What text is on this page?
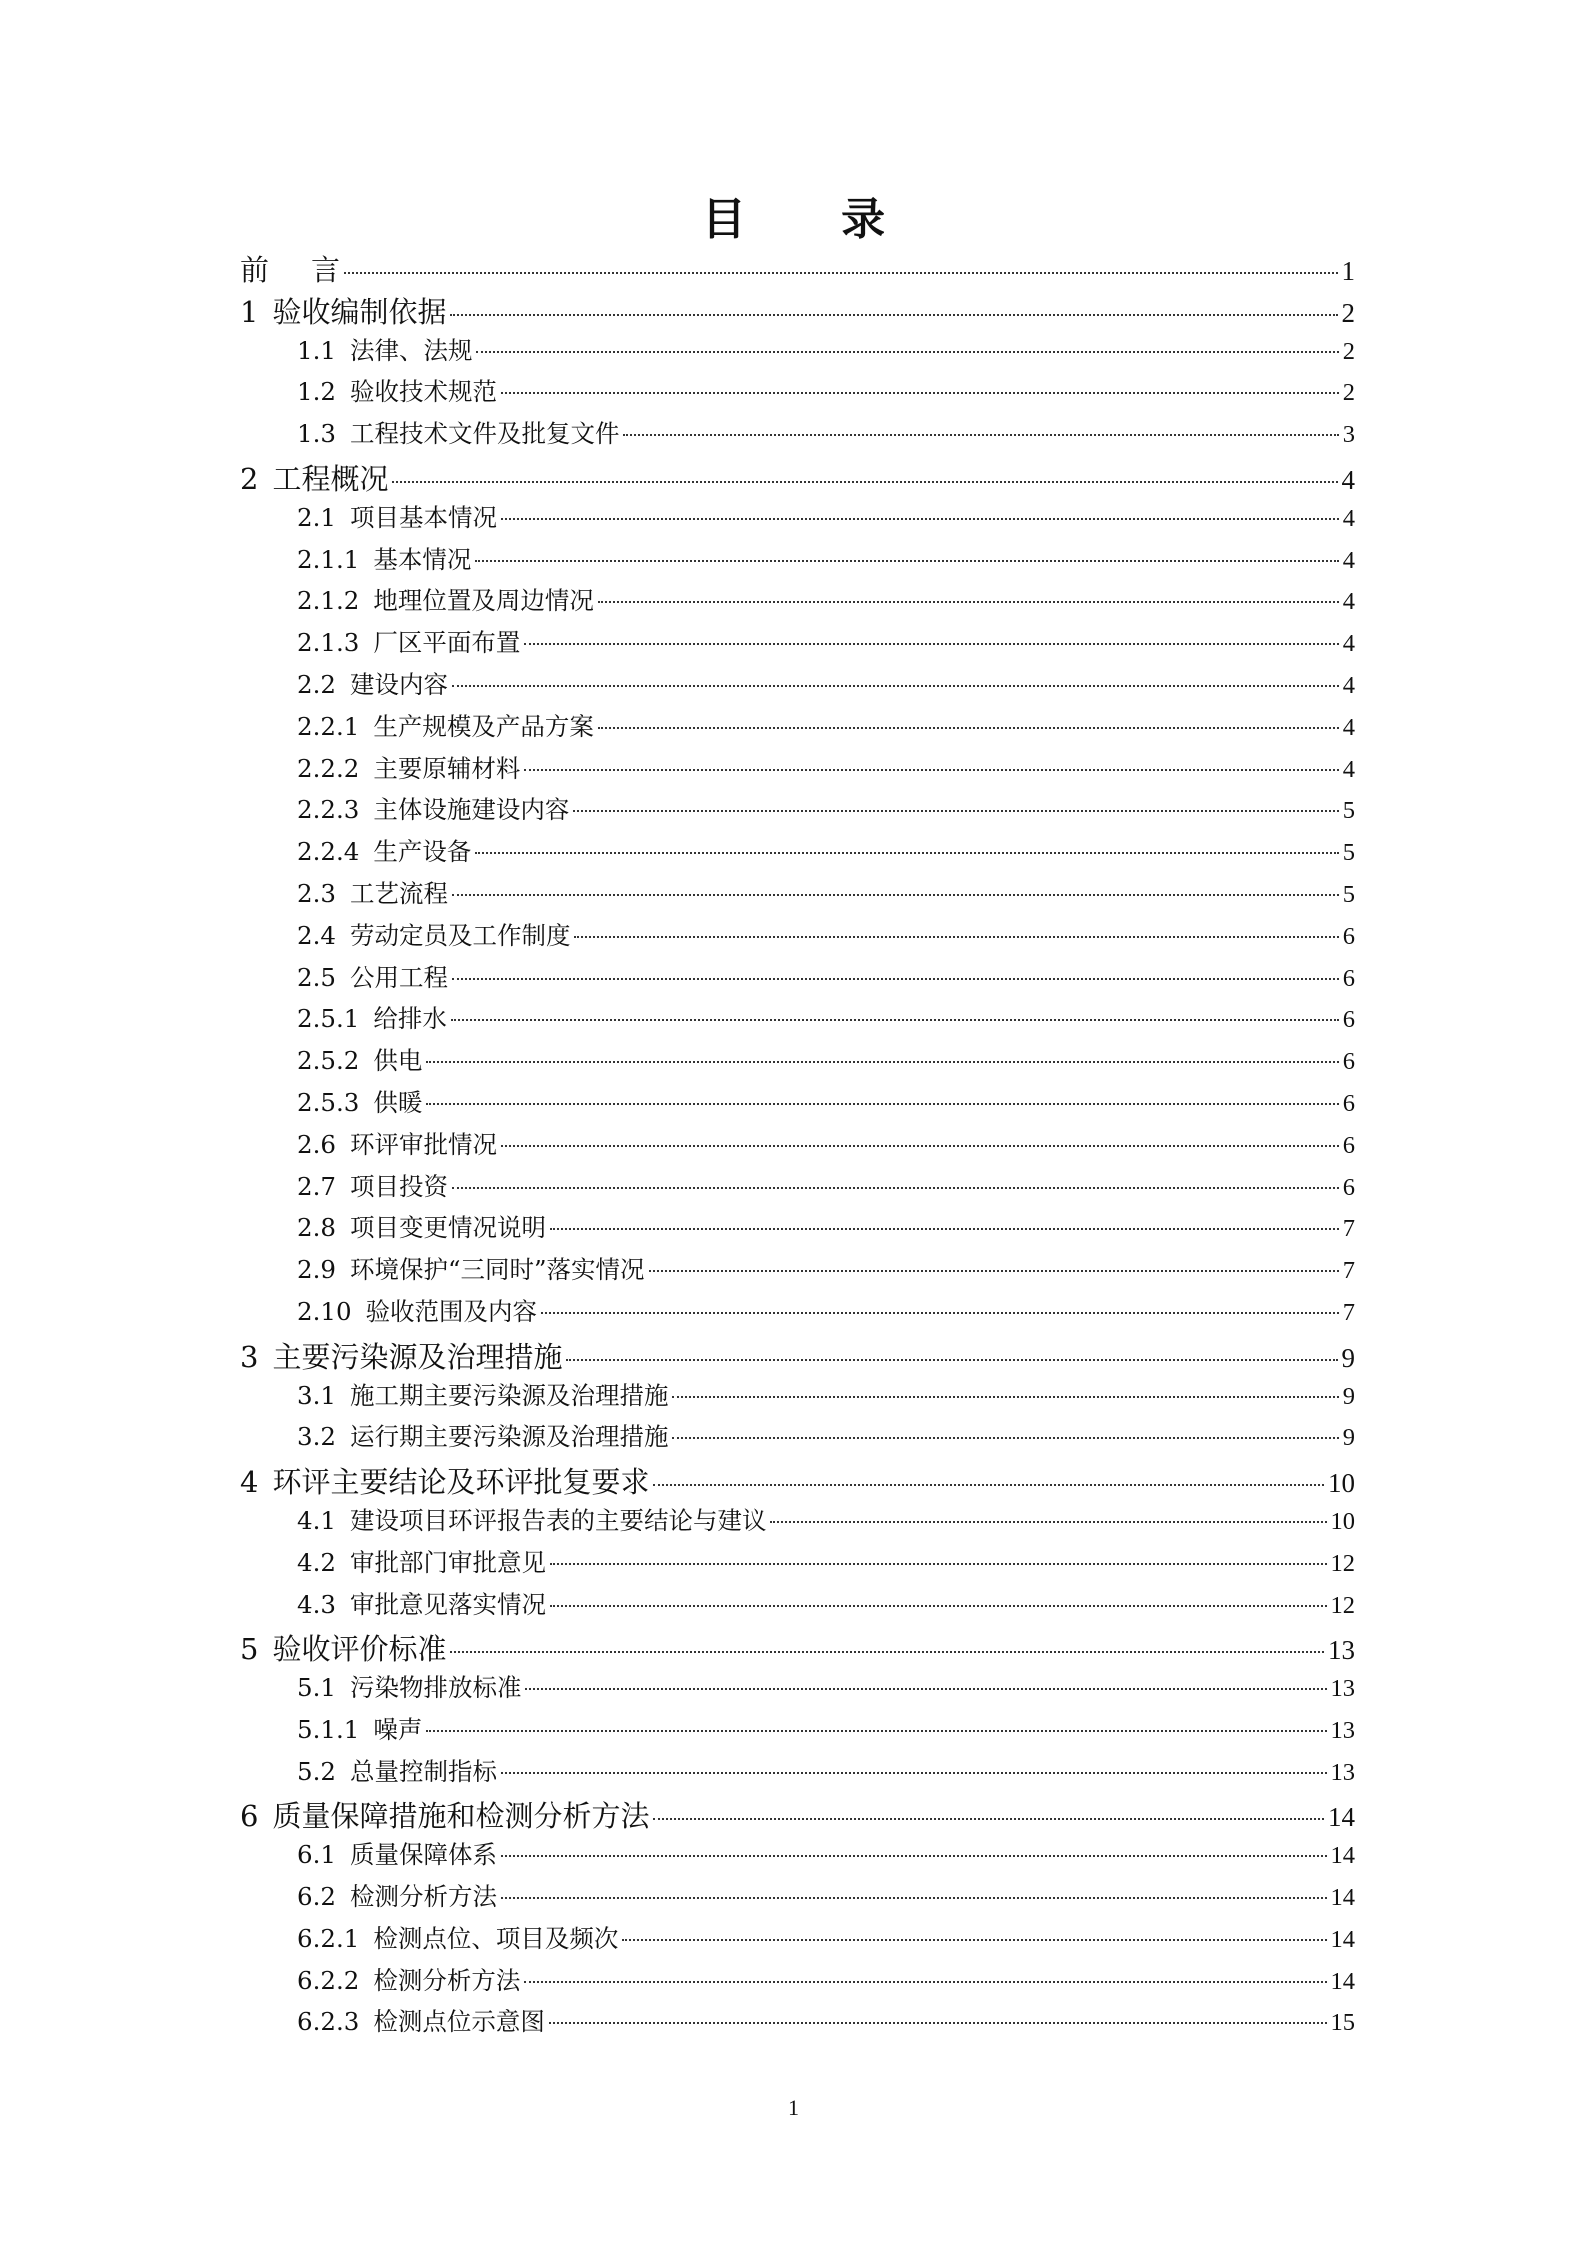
目 录
前 言	1
1 验收编制依据	2
1.1 法律、法规	2
1.2 验收技术规范	2
1.3 工程技术文件及批复文件	3
2 工程概况	4
2.1 项目基本情况	4
2.1.1 基本情况	4
2.1.2 地理位置及周边情况	4
2.1.3 厂区平面布置	4
2.2 建设内容	4
2.2.1 生产规模及产品方案	4
2.2.2 主要原辅材料	4
2.2.3 主体设施建设内容	5
2.2.4 生产设备	5
2.3 工艺流程	5
2.4 劳动定员及工作制度	6
2.5 公用工程	6
2.5.1 给排水	6
2.5.2 供电	6
2.5.3 供暖	6
2.6 环评审批情况	6
2.7 项目投资	6
2.8 项目变更情况说明	7
2.9 环境保护“三同时”落实情况	7
2.10 验收范围及内容	7
3 主要污染源及治理措施	9
3.1 施工期主要污染源及治理措施	9
3.2 运行期主要污染源及治理措施	9
4 环评主要结论及环评批复要求	10
4.1 建设项目环评报告表的主要结论与建议	10
4.2 审批部门审批意见	12
4.3 审批意见落实情况	12
5 验收评价标准	13
5.1 污染物排放标准	13
5.1.1 噪声	13
5.2 总量控制指标	13
6 质量保障措施和检测分析方法	14
6.1 质量保障体系	14
6.2 检测分析方法	14
6.2.1 检测点位、项目及频次	14
6.2.2 检测分析方法	14
6.2.3 检测点位示意图	15
1
